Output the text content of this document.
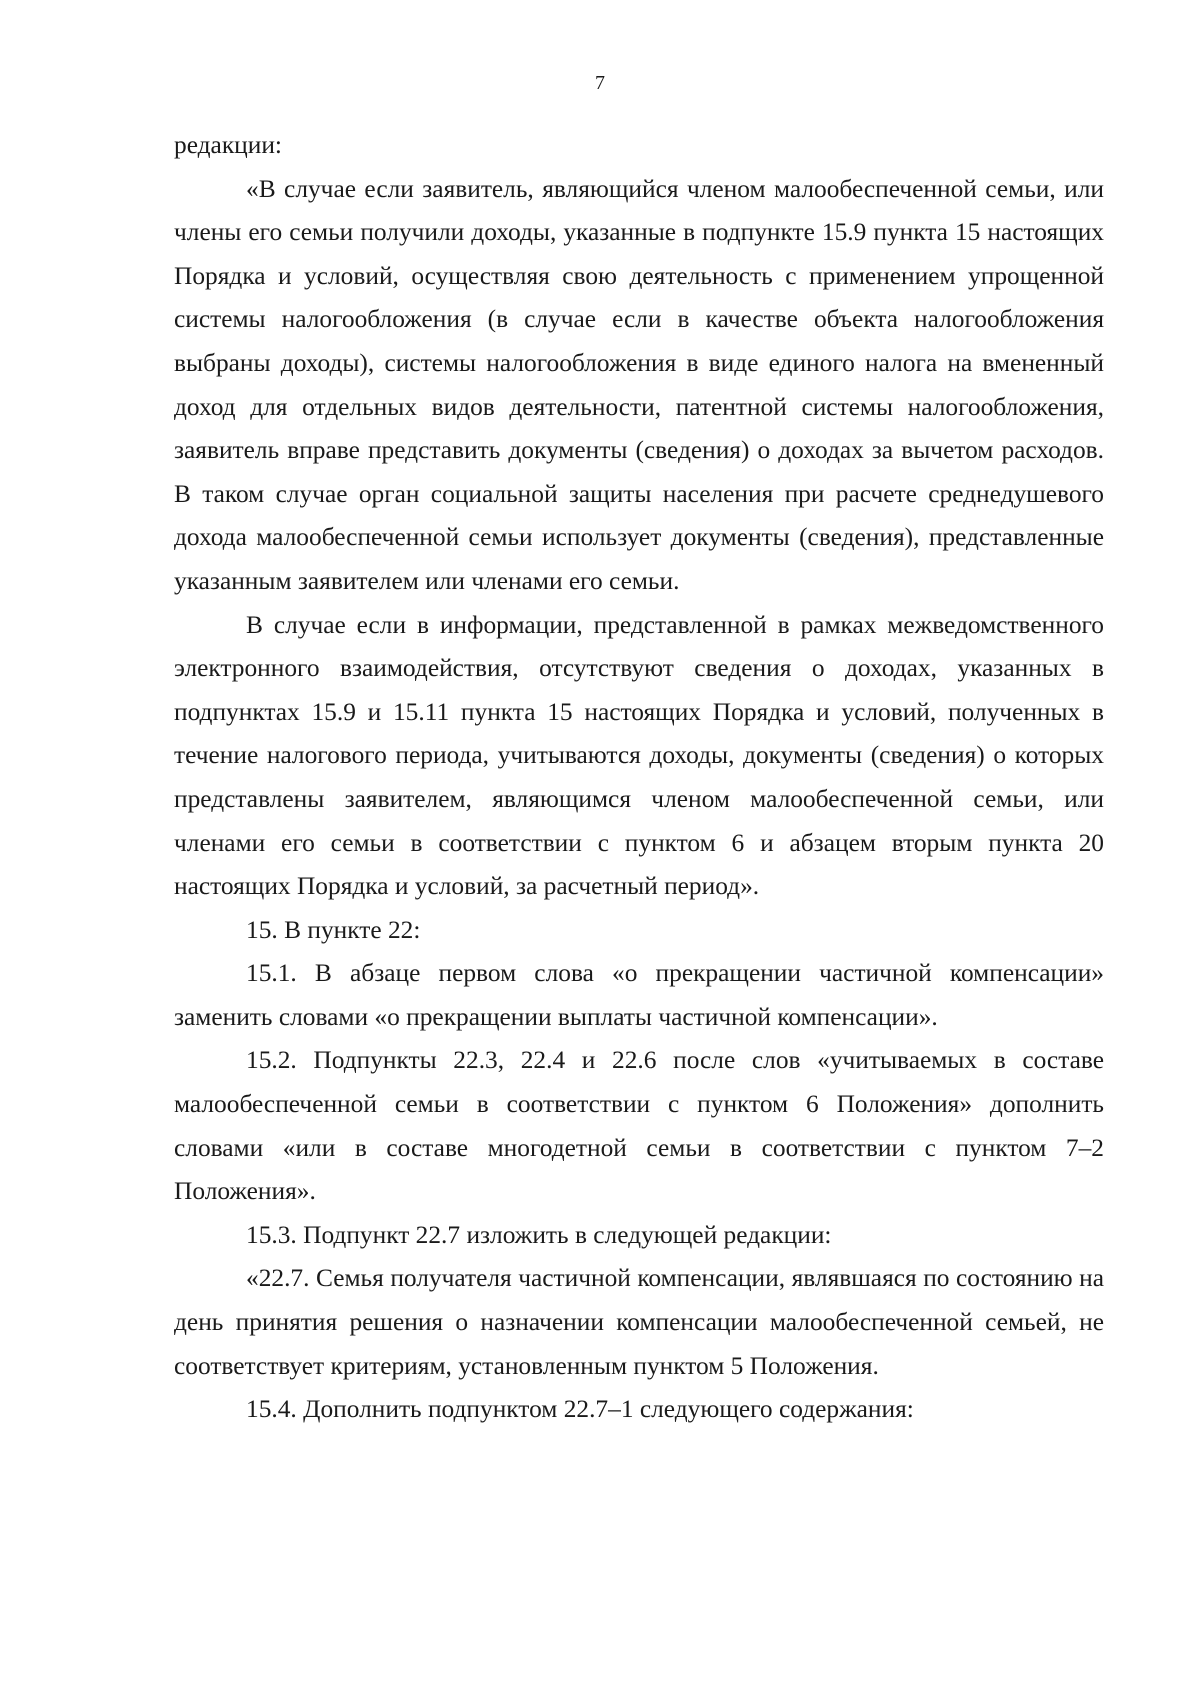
7

редакции:

«В случае если заявитель, являющийся членом малообеспеченной семьи, или члены его семьи получили доходы, указанные в подпункте 15.9 пункта 15 настоящих Порядка и условий, осуществляя свою деятельность с применением упрощенной системы налогообложения (в случае если в качестве объекта налогообложения выбраны доходы), системы налогообложения в виде единого налога на вмененный доход для отдельных видов деятельности, патентной системы налогообложения, заявитель вправе представить документы (сведения) о доходах за вычетом расходов. В таком случае орган социальной защиты населения при расчете среднедушевого дохода малообеспеченной семьи использует документы (сведения), представленные указанным заявителем или членами его семьи.

В случае если в информации, представленной в рамках межведомственного электронного взаимодействия, отсутствуют сведения о доходах, указанных в подпунктах 15.9 и 15.11 пункта 15 настоящих Порядка и условий, полученных в течение налогового периода, учитываются доходы, документы (сведения) о которых представлены заявителем, являющимся членом малообеспеченной семьи, или членами его семьи в соответствии с пунктом 6 и абзацем вторым пункта 20 настоящих Порядка и условий, за расчетный период».

15. В пункте 22:

15.1. В абзаце первом слова «о прекращении частичной компенсации» заменить словами «о прекращении выплаты частичной компенсации».

15.2. Подпункты 22.3, 22.4 и 22.6 после слов «учитываемых в составе малообеспеченной семьи в соответствии с пунктом 6 Положения» дополнить словами «или в составе многодетной семьи в соответствии с пунктом 7–2 Положения».

15.3. Подпункт 22.7 изложить в следующей редакции:

«22.7. Семья получателя частичной компенсации, являвшаяся по состоянию на день принятия решения о назначении компенсации малообеспеченной семьей, не соответствует критериям, установленным пунктом 5 Положения.

15.4. Дополнить подпунктом 22.7–1 следующего содержания:
